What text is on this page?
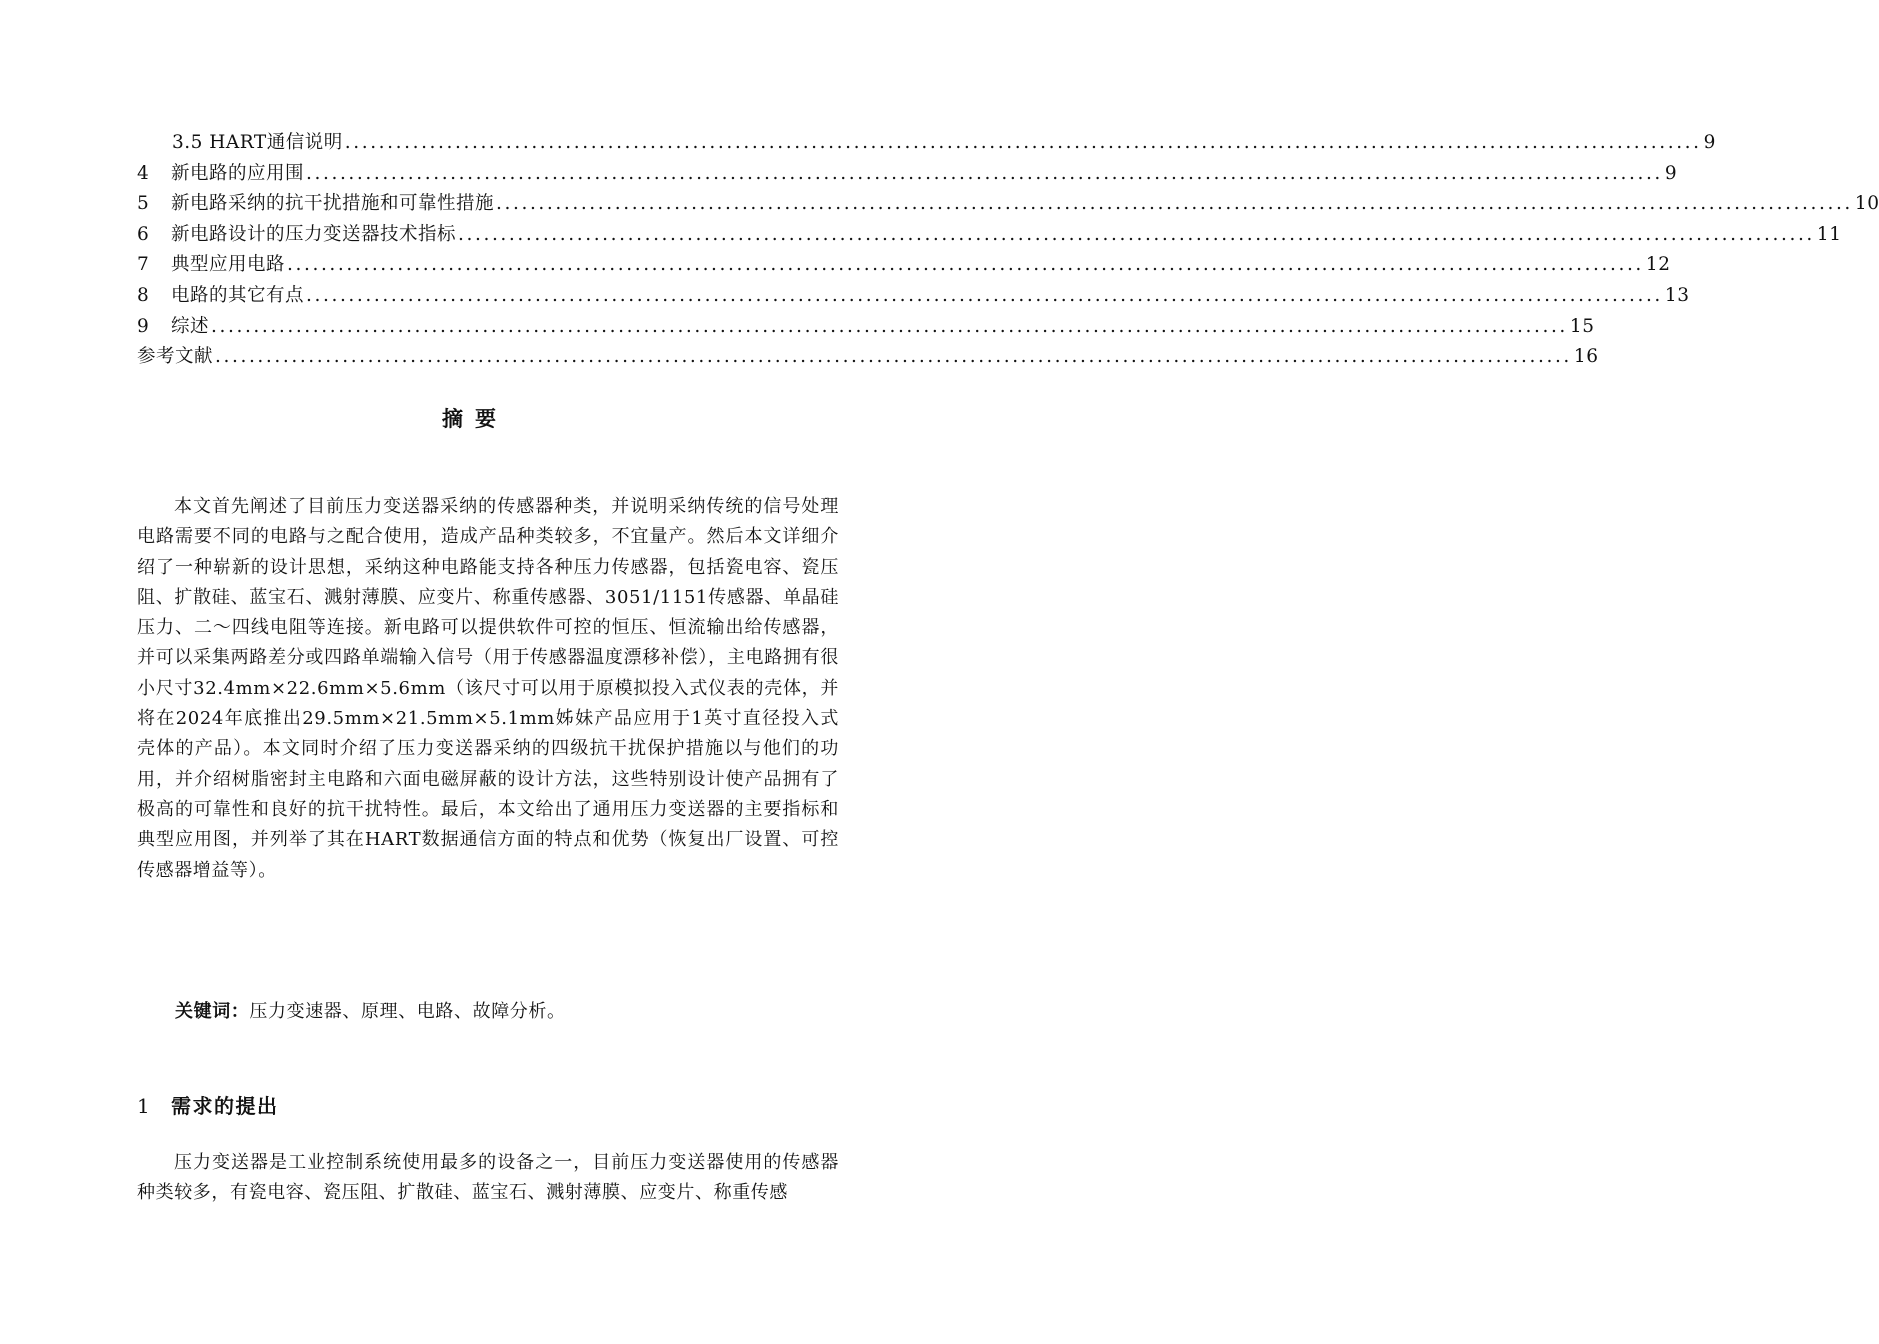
3.5 HART通信说明 ................................................................................................................................................................ 9
4	新电路的应用围 ................................................................................................................................................................ 9
5	新电路采纳的抗干扰措施和可靠性措施 ................................................................................................................................................................ 10
6	新电路设计的压力变送器技术指标 ................................................................................................................................................................ 11
7	典型应用电路 ................................................................................................................................................................ 12
8	电路的其它有点 ................................................................................................................................................................ 13
9	综述 ................................................................................................................................................................ 15
参考文献 ................................................................................................................................................................ 16
摘要

本文首先阐述了目前压力变送器采纳的传感器种类，并说明采纳传统的信号处理电路需要不同的电路与之配合使用，造成产品种类较多，不宜量产。然后本文详细介绍了一种崭新的设计思想，采纳这种电路能支持各种压力传感器，包括瓷电容、瓷压阻、扩散硅、蓝宝石、溅射薄膜、应变片、称重传感器、3051/1151传感器、单晶硅压力、二～四线电阻等连接。新电路可以提供软件可控的恒压、恒流输出给传感器，并可以采集两路差分或四路单端输入信号（用于传感器温度漂移补偿），主电路拥有很小尺寸32.4mm×22.6mm×5.6mm（该尺寸可以用于原模拟投入式仪表的壳体，并将在2024年底推出29.5mm×21.5mm×5.1mm姊妹产品应用于1英寸直径投入式壳体的产品）。本文同时介绍了压力变送器采纳的四级抗干扰保护措施以与他们的功用，并介绍树脂密封主电路和六面电磁屏蔽的设计方法，这些特别设计使产品拥有了极高的可靠性和良好的抗干扰特性。最后，本文给出了通用压力变送器的主要指标和典型应用图，并列举了其在HART数据通信方面的特点和优势（恢复出厂设置、可控传感器增益等）。

关键词：压力变速器、原理、电路、故障分析。
1 需求的提出

压力变送器是工业控制系统使用最多的设备之一，目前压力变送器使用的传感器种类较多，有瓷电容、瓷压阻、扩散硅、蓝宝石、溅射薄膜、应变片、称重传感
